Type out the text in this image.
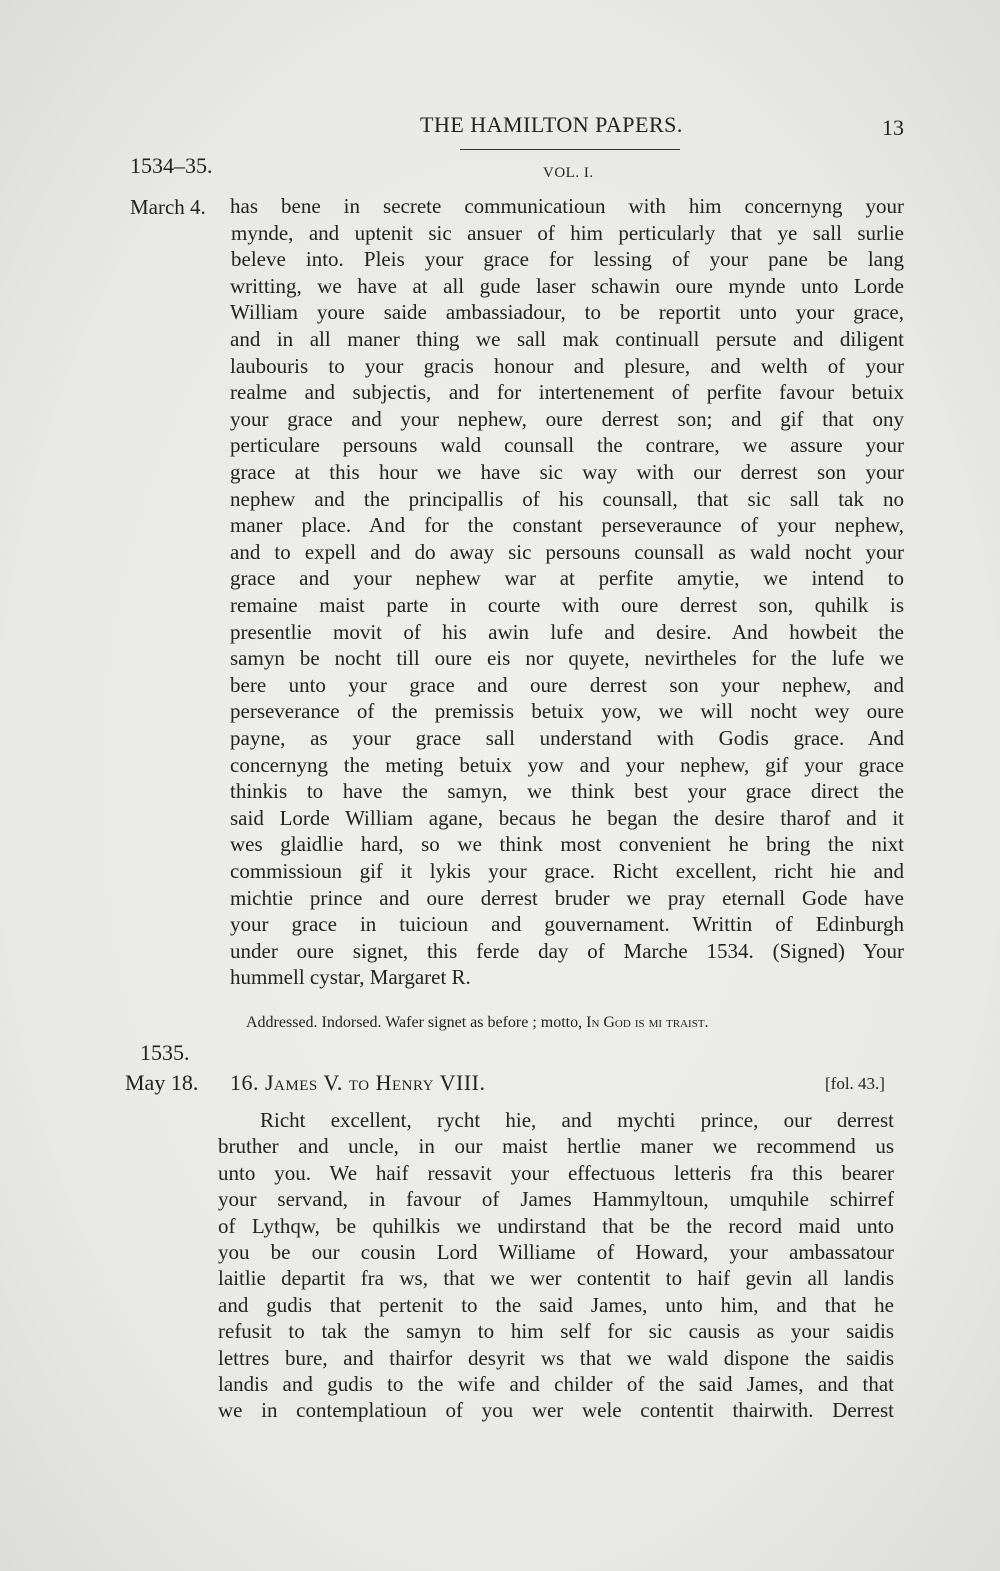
THE HAMILTON PAPERS.	13
1534–35.	VOL. I.
March 4. has bene in secrete communicatioun with him concernyng your
mynde, and uptenit sic ansuer of him perticularly that ye sall surlie
beleve into. Pleis your grace for lessing of your pane be lang
writting, we have at all gude laser schawin oure mynde unto Lorde
William youre saide ambassiadour, to be reportit unto your grace,
and in all maner thing we sall mak continuall persute and diligent
laubouris to your gracis honour and plesure, and welth of your
realme and subjectis, and for intertenement of perfite favour betuix
your grace and your nephew, oure derrest son; and gif that ony
perticulare persouns wald counsall the contrare, we assure your
grace at this hour we have sic way with our derrest son your
nephew and the principallis of his counsall, that sic sall tak no
maner place. And for the constant perseveraunce of your nephew,
and to expell and do away sic persouns counsall as wald nocht your
grace and your nephew war at perfite amytie, we intend to
remaine maist parte in courte with oure derrest son, quhilk is
presentlie movit of his awin lufe and desire. And howbeit the
samyn be nocht till oure eis nor quyete, nevirtheles for the lufe we
bere unto your grace and oure derrest son your nephew, and
perseverance of the premissis betuix yow, we will nocht wey oure
payne, as your grace sall understand with Godis grace. And
concernyng the meting betuix yow and your nephew, gif your grace
thinkis to have the samyn, we think best your grace direct the
said Lorde William agane, becaus he began the desire tharof and it
wes glaidlie hard, so we think most convenient he bring the nixt
commissioun gif it lykis your grace. Richt excellent, richt hie and
michtie prince and oure derrest bruder we pray eternall Gode have
your grace in tuicioun and gouvernament. Writtin of Edinburgh
under oure signet, this ferde day of Marche 1534. (Signed) Your
hummell cystar, Margaret R.
Addressed. Indorsed. Wafer signet as before ; motto, In God is mi traist.
1535.
May 18. 16. James V. to Henry VIII.	[fol. 43.]
Richt excellent, rycht hie, and mychti prince, our derrest
bruther and uncle, in our maist hertlie maner we recommend us
unto you. We haif ressavit your effectuous letteris fra this bearer
your servand, in favour of James Hammyltoun, umquhile schirref
of Lythqw, be quhilkis we undirstand that be the record maid unto
you be our cousin Lord Williame of Howard, your ambassatour
laitlie departit fra ws, that we wer contentit to haif gevin all landis
and gudis that pertenit to the said James, unto him, and that he
refusit to tak the samyn to him self for sic causis as your saidis
lettres bure, and thairfor desyrit ws that we wald dispone the saidis
landis and gudis to the wife and childer of the said James, and that
we in contemplatioun of you wer wele contentit thairwith. Derrest
